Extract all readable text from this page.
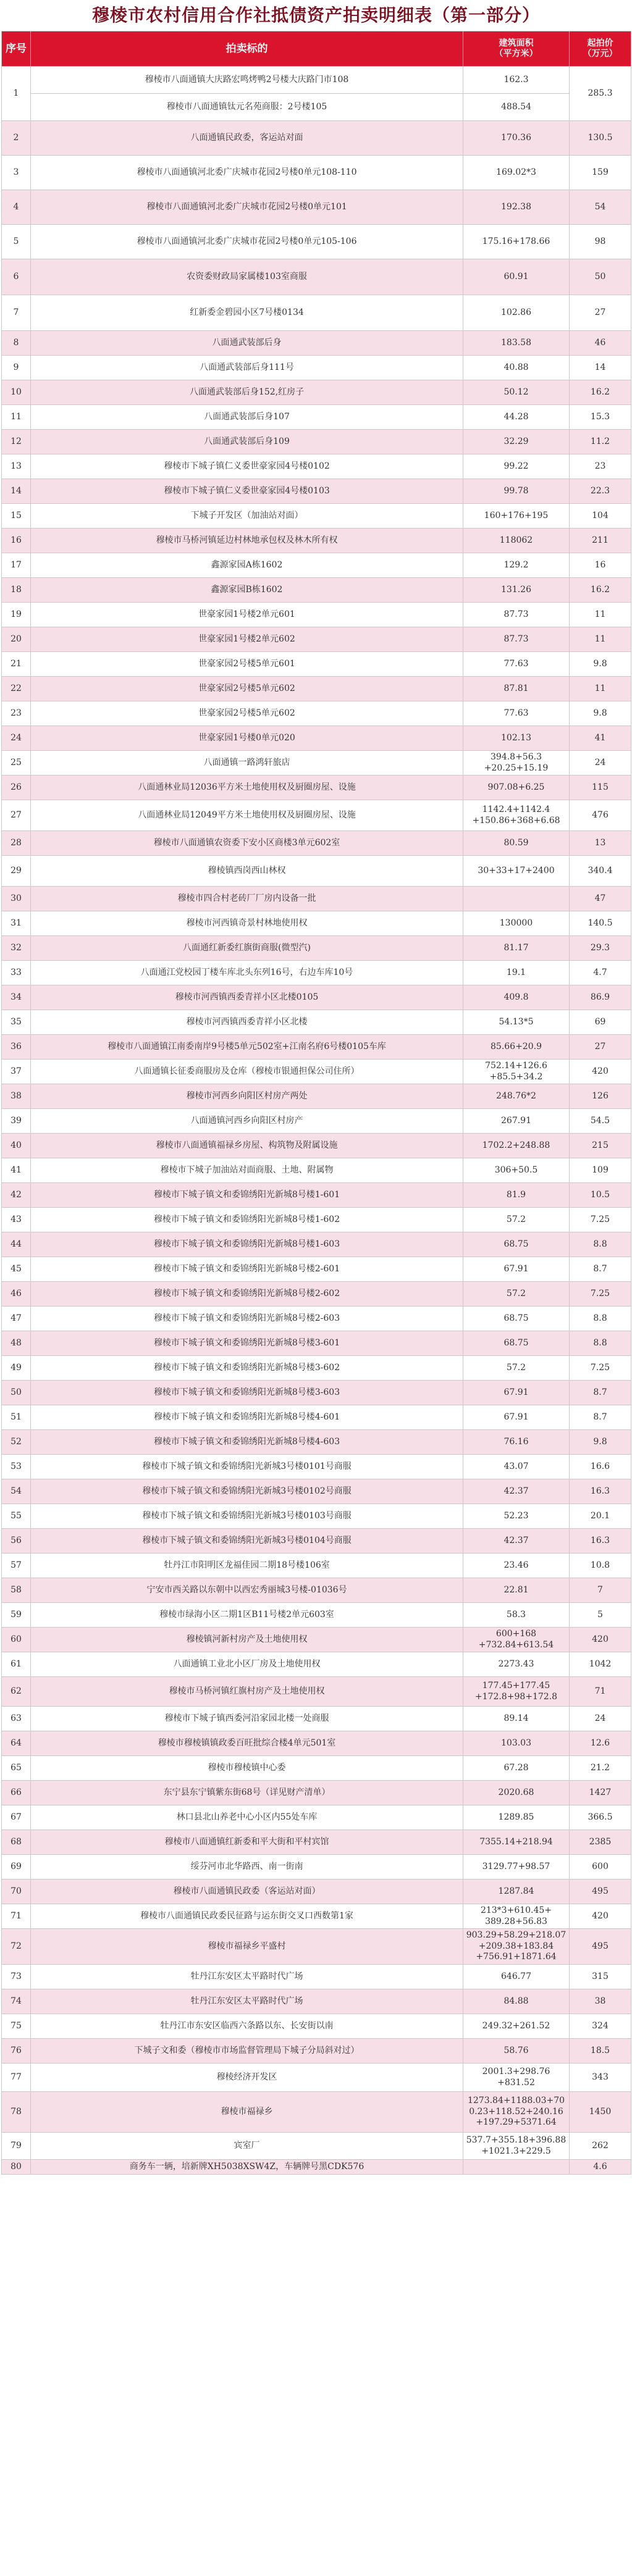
穆棱市农村信用合作社抵债资产拍卖明细表（第一部分）
序号	拍卖标的	建筑面积
（平方米）	起拍价
（万元）

1	穆棱市八面通镇大庆路宏鸣烤鸭2号楼大庆路门市108	162.3	285.3
	穆棱市八面通镇钛元名苑商服：2号楼105	488.54	
2	八面通镇民政委，客运站对面	170.36	130.5
3	穆棱市八面通镇河北委广庆城市花园2号楼0单元108-110	169.02*3	159
4	穆棱市八面通镇河北委广庆城市花园2号楼0单元101	192.38	54
5	穆棱市八面通镇河北委广庆城市花园2号楼0单元105-106	175.16+178.66	98
6	农资委财政局家属楼103室商服	60.91	50
7	红新委金碧园小区7号楼0134	102.86	27
8	八面通武装部后身	183.58	46
9	八面通武装部后身111号	40.88	14
10	八面通武装部后身152,红房子	50.12	16.2
11	八面通武装部后身107	44.28	15.3
12	八面通武装部后身109	32.29	11.2
13	穆棱市下城子镇仁义委世豪家园4号楼0102	99.22	23
14	穆棱市下城子镇仁义委世豪家园4号楼0103	99.78	22.3
15	下城子开发区（加油站对面）	160+176+195	104
16	穆棱市马桥河镇延边村林地承包权及林木所有权	118062	211
17	鑫源家园A栋1602	129.2	16
18	鑫源家园B栋1602	131.26	16.2
19	世豪家园1号楼2单元601	87.73	11
20	世豪家园1号楼2单元602	87.73	11
21	世豪家园2号楼5单元601	77.63	9.8
22	世豪家园2号楼5单元602	87.81	11
23	世豪家园2号楼5单元602	77.63	9.8
24	世豪家园1号楼0单元020	102.13	41
25	八面通镇一路鸿轩旅店	394.8+56.3
+20.25+15.19	24
26	八面通林业局12036平方米土地使用权及厨圈房屋、设施	907.08+6.25	115
27	八面通林业局12049平方米土地使用权及厨圈房屋、设施	1142.4+1142.4
+150.86+368+6.68	476
28	穆棱市八面通镇农资委下安小区商楼3单元602室	80.59	13
29	穆棱镇西岗西山林权	30+33+17+2400	340.4
30	穆棱市四合村老砖厂厂房内设备一批		47
31	穆棱市河西镇奇景村林地使用权	130000	140.5
32	八面通红新委红旗街商服(微型汽)	81.17	29.3
33	八面通江党校园丁楼车库北头东列16号，右边车库10号	19.1	4.7
34	穆棱市河西镇西委青祥小区北楼0105	409.8	86.9
35	穆棱市河西镇西委青祥小区北楼	54.13*5	69
36	穆棱市八面通镇江南委南岸9号楼5单元502室+江南名府6号楼0105车库	85.66+20.9	27
37	八面通镇长征委商服房及仓库（穆棱市银通担保公司住所）	752.14+126.6
+85.5+34.2	420
38	穆棱市河西乡向阳区村房产两处	248.76*2	126
39	八面通镇河西乡向阳区村房产	267.91	54.5
40	穆棱市八面通镇福禄乡房屋、构筑物及附属设施	1702.2+248.88	215
41	穆棱市下城子加油站对面商服、土地、附属物	306+50.5	109
42	穆棱市下城子镇文和委锦绣阳光新城8号楼1-601	81.9	10.5
43	穆棱市下城子镇文和委锦绣阳光新城8号楼1-602	57.2	7.25
44	穆棱市下城子镇文和委锦绣阳光新城8号楼1-603	68.75	8.8
45	穆棱市下城子镇文和委锦绣阳光新城8号楼2-601	67.91	8.7
46	穆棱市下城子镇文和委锦绣阳光新城8号楼2-602	57.2	7.25
47	穆棱市下城子镇文和委锦绣阳光新城8号楼2-603	68.75	8.8
48	穆棱市下城子镇文和委锦绣阳光新城8号楼3-601	68.75	8.8
49	穆棱市下城子镇文和委锦绣阳光新城8号楼3-602	57.2	7.25
50	穆棱市下城子镇文和委锦绣阳光新城8号楼3-603	67.91	8.7
51	穆棱市下城子镇文和委锦绣阳光新城8号楼4-601	67.91	8.7
52	穆棱市下城子镇文和委锦绣阳光新城8号楼4-603	76.16	9.8
53	穆棱市下城子镇文和委锦绣阳光新城3号楼0101号商服	43.07	16.6
54	穆棱市下城子镇文和委锦绣阳光新城3号楼0102号商服	42.37	16.3
55	穆棱市下城子镇文和委锦绣阳光新城3号楼0103号商服	52.23	20.1
56	穆棱市下城子镇文和委锦绣阳光新城3号楼0104号商服	42.37	16.3
57	牡丹江市阳明区龙福佳园二期18号楼106室	23.46	10.8
58	宁安市西关路以东朝中以西宏秀丽城3号楼-01036号	22.81	7
59	穆棱市绿海小区二期1区B11号楼2单元603室	58.3	5
60	穆棱镇河新村房产及土地使用权	600+168
+732.84+613.54	420
61	八面通镇工业北小区厂房及土地使用权	2273.43	1042
62	穆棱市马桥河镇红旗村房产及土地使用权	177.45+177.45
+172.8+98+172.8	71
63	穆棱市下城子镇西委河沿家园北楼一处商服	89.14	24
64	穆棱市穆棱镇镇政委百旺批综合楼4单元501室	103.03	12.6
65	穆棱市穆棱镇中心委	67.28	21.2
66	东宁县东宁镇紫东街68号（详见财产清单）	2020.68	1427
67	林口县北山养老中心小区内55处车库	1289.85	366.5
68	穆棱市八面通镇红新委和平大街和平村宾馆	7355.14+218.94	2385
69	绥芬河市北华路西、南一街南	3129.77+98.57	600
70	穆棱市八面通镇民政委（客运站对面）	1287.84	495
71	穆棱市八面通镇民政委民征路与运东街交叉口西数第1家	213*3+610.45+
389.28+56.83	420
72	穆棱市福禄乡平盛村	903.29+58.29+218.07
+209.38+183.84
+756.91+1871.64	495
73	牡丹江东安区太平路时代广场	646.77	315
74	牡丹江东安区太平路时代广场	84.88	38
75	牡丹江市东安区临西六条路以东、长安街以南	249.32+261.52	324
76	下城子文和委（穆棱市市场监督管理局下城子分局斜对过）	58.76	18.5
77	穆棱经济开发区	2001.3+298.76
+831.52	343
78	穆棱市福禄乡	1273.84+1188.03+70
0.23+118.52+240.16
+197.29+5371.64	1450
79	宾室厂	537.7+355.18+396.88
+1021.3+229.5	262
80	商务车一辆，培新牌XH5038XSW4Z，车辆牌号黑CDK576		4.6
